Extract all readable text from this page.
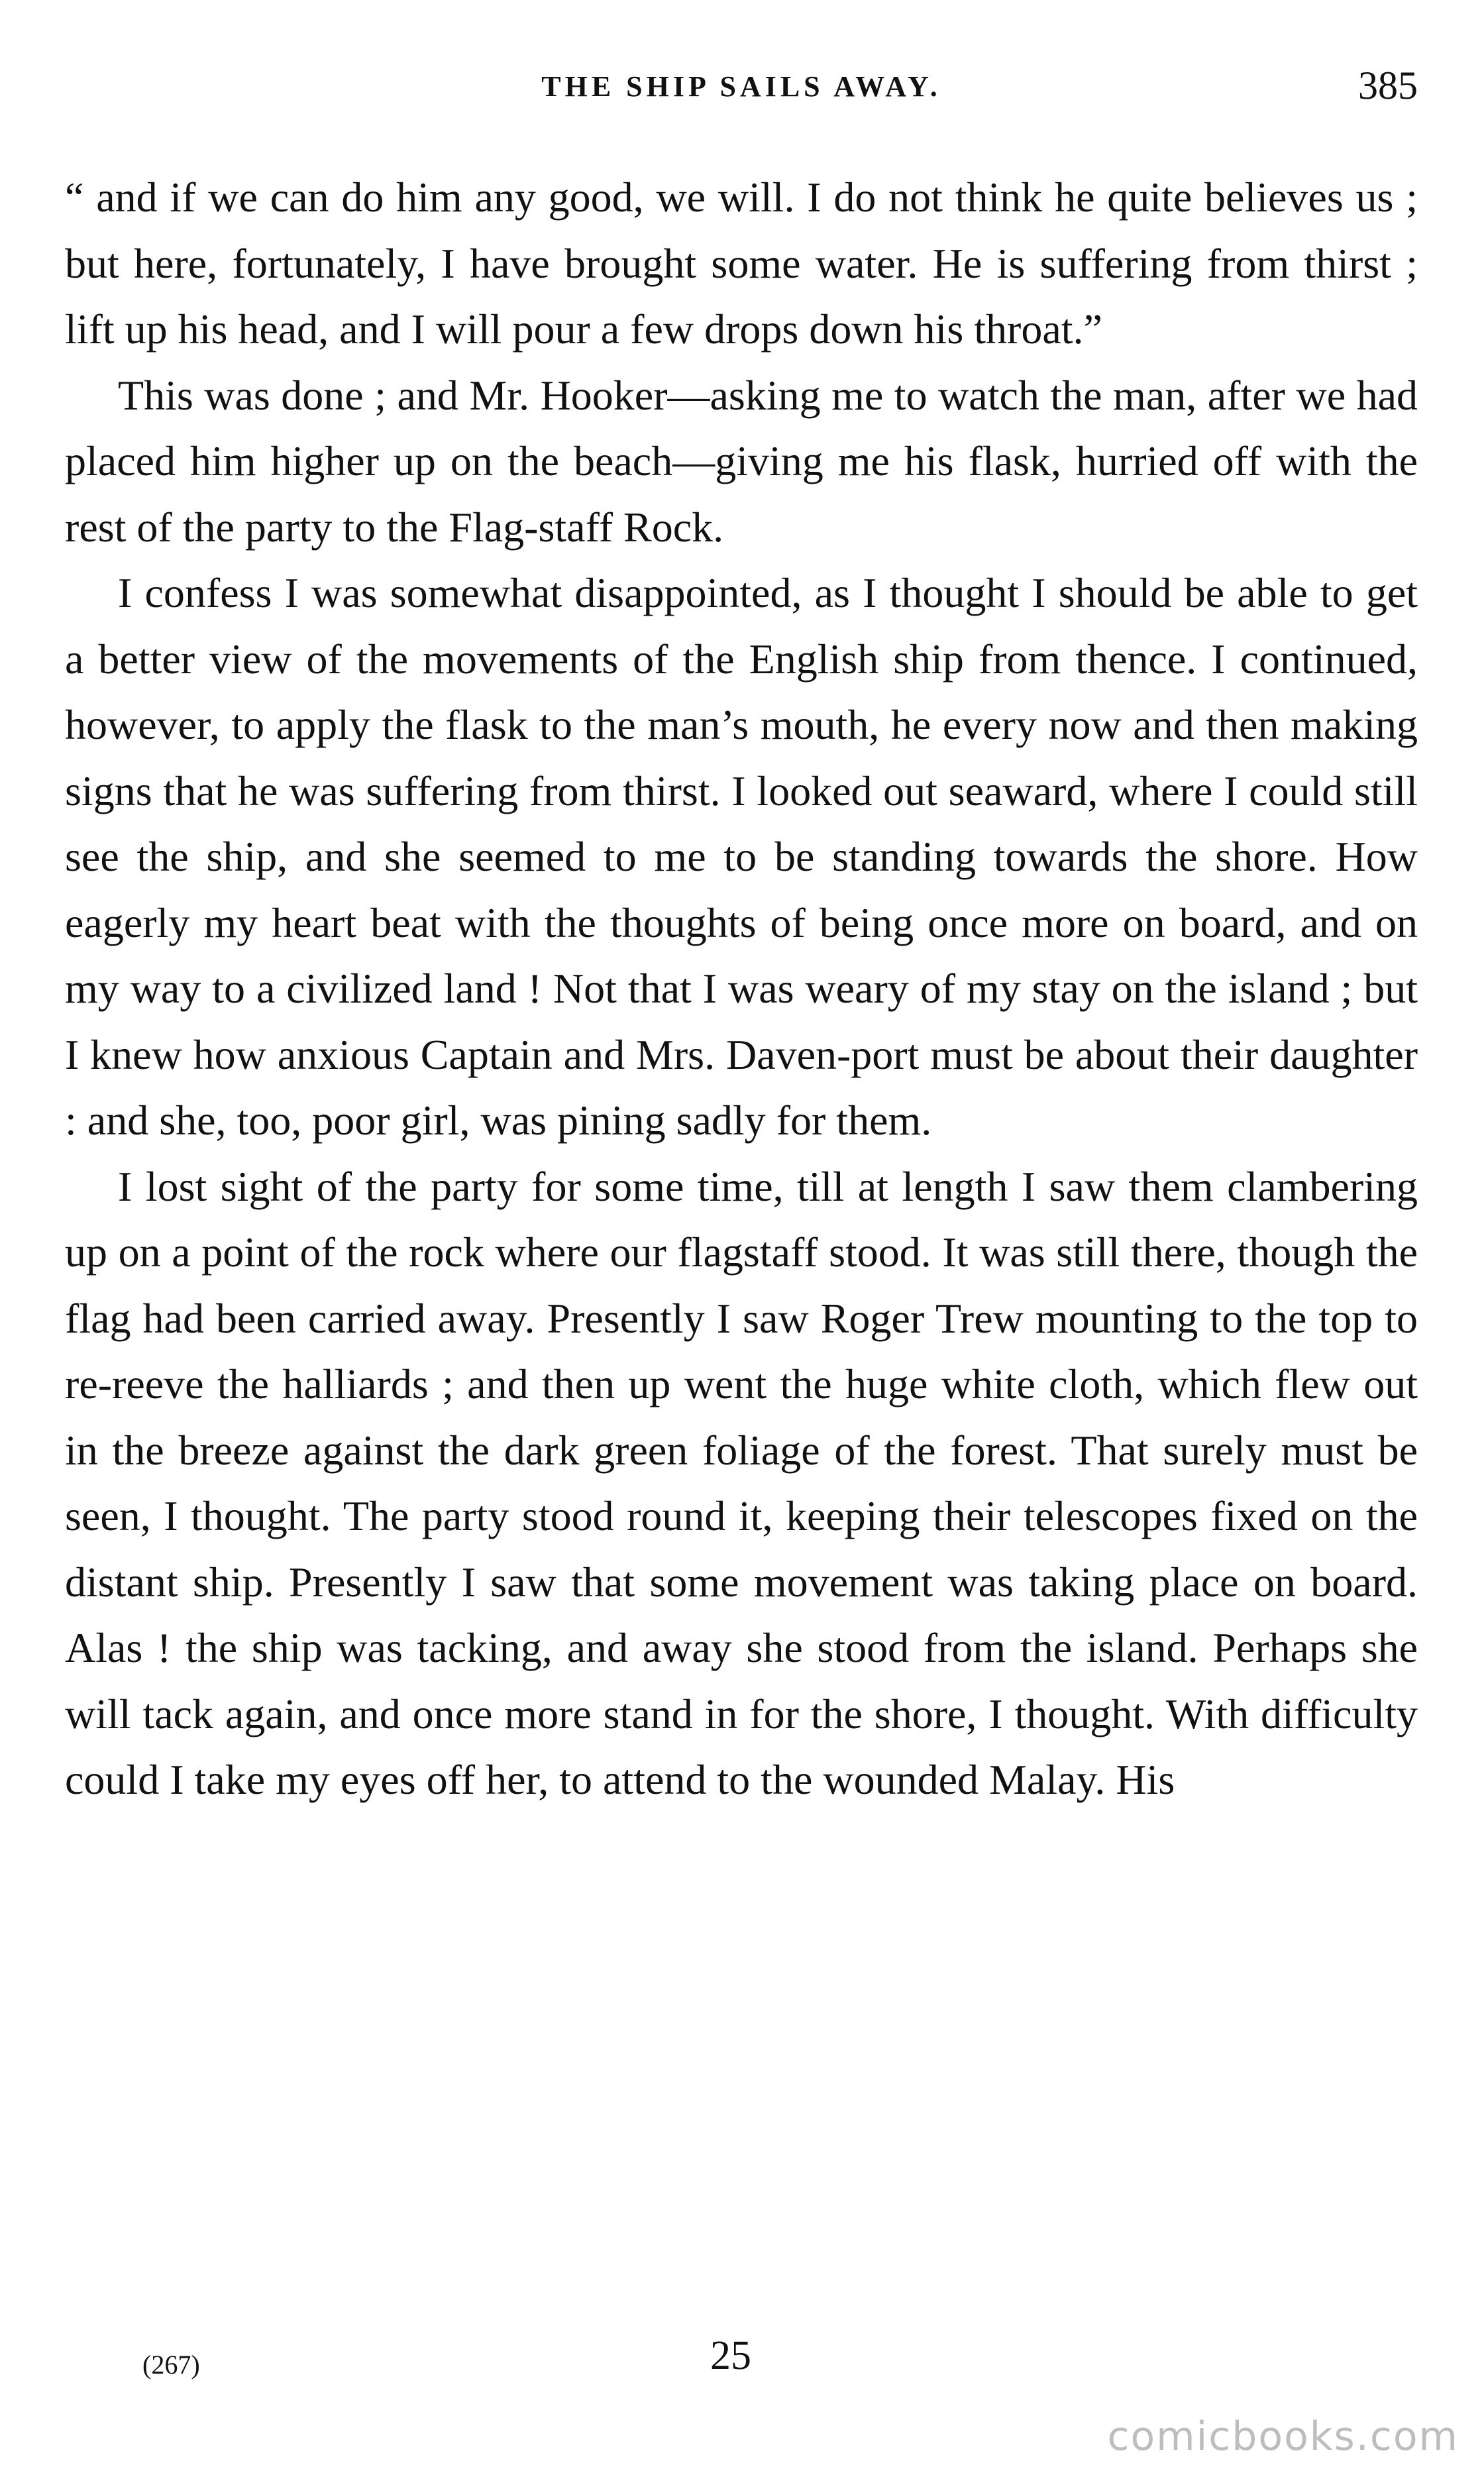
THE SHIP SAILS AWAY.	385

“ and if we can do him any good, we will. I do not think he quite believes us ; but here, fortunately, I have brought some water. He is suffering from thirst ; lift up his head, and I will pour a few drops down his throat.”

This was done ; and Mr. Hooker—asking me to watch the man, after we had placed him higher up on the beach—giving me his flask, hurried off with the rest of the party to the Flag-staff Rock.

I confess I was somewhat disappointed, as I thought I should be able to get a better view of the movements of the English ship from thence. I continued, however, to apply the flask to the man’s mouth, he every now and then making signs that he was suffering from thirst. I looked out seaward, where I could still see the ship, and she seemed to me to be standing towards the shore. How eagerly my heart beat with the thoughts of being once more on board, and on my way to a civilized land ! Not that I was weary of my stay on the island ; but I knew how anxious Captain and Mrs. Daven-port must be about their daughter : and she, too, poor girl, was pining sadly for them.

I lost sight of the party for some time, till at length I saw them clambering up on a point of the rock where our flagstaff stood. It was still there, though the flag had been carried away. Presently I saw Roger Trew mounting to the top to re-reeve the halliards ; and then up went the huge white cloth, which flew out in the breeze against the dark green foliage of the forest. That surely must be seen, I thought. The party stood round it, keeping their telescopes fixed on the distant ship. Presently I saw that some movement was taking place on board. Alas ! the ship was tacking, and away she stood from the island. Perhaps she will tack again, and once more stand in for the shore, I thought. With difficulty could I take my eyes off her, to attend to the wounded Malay. His

(267)	25
comicbooks.com
